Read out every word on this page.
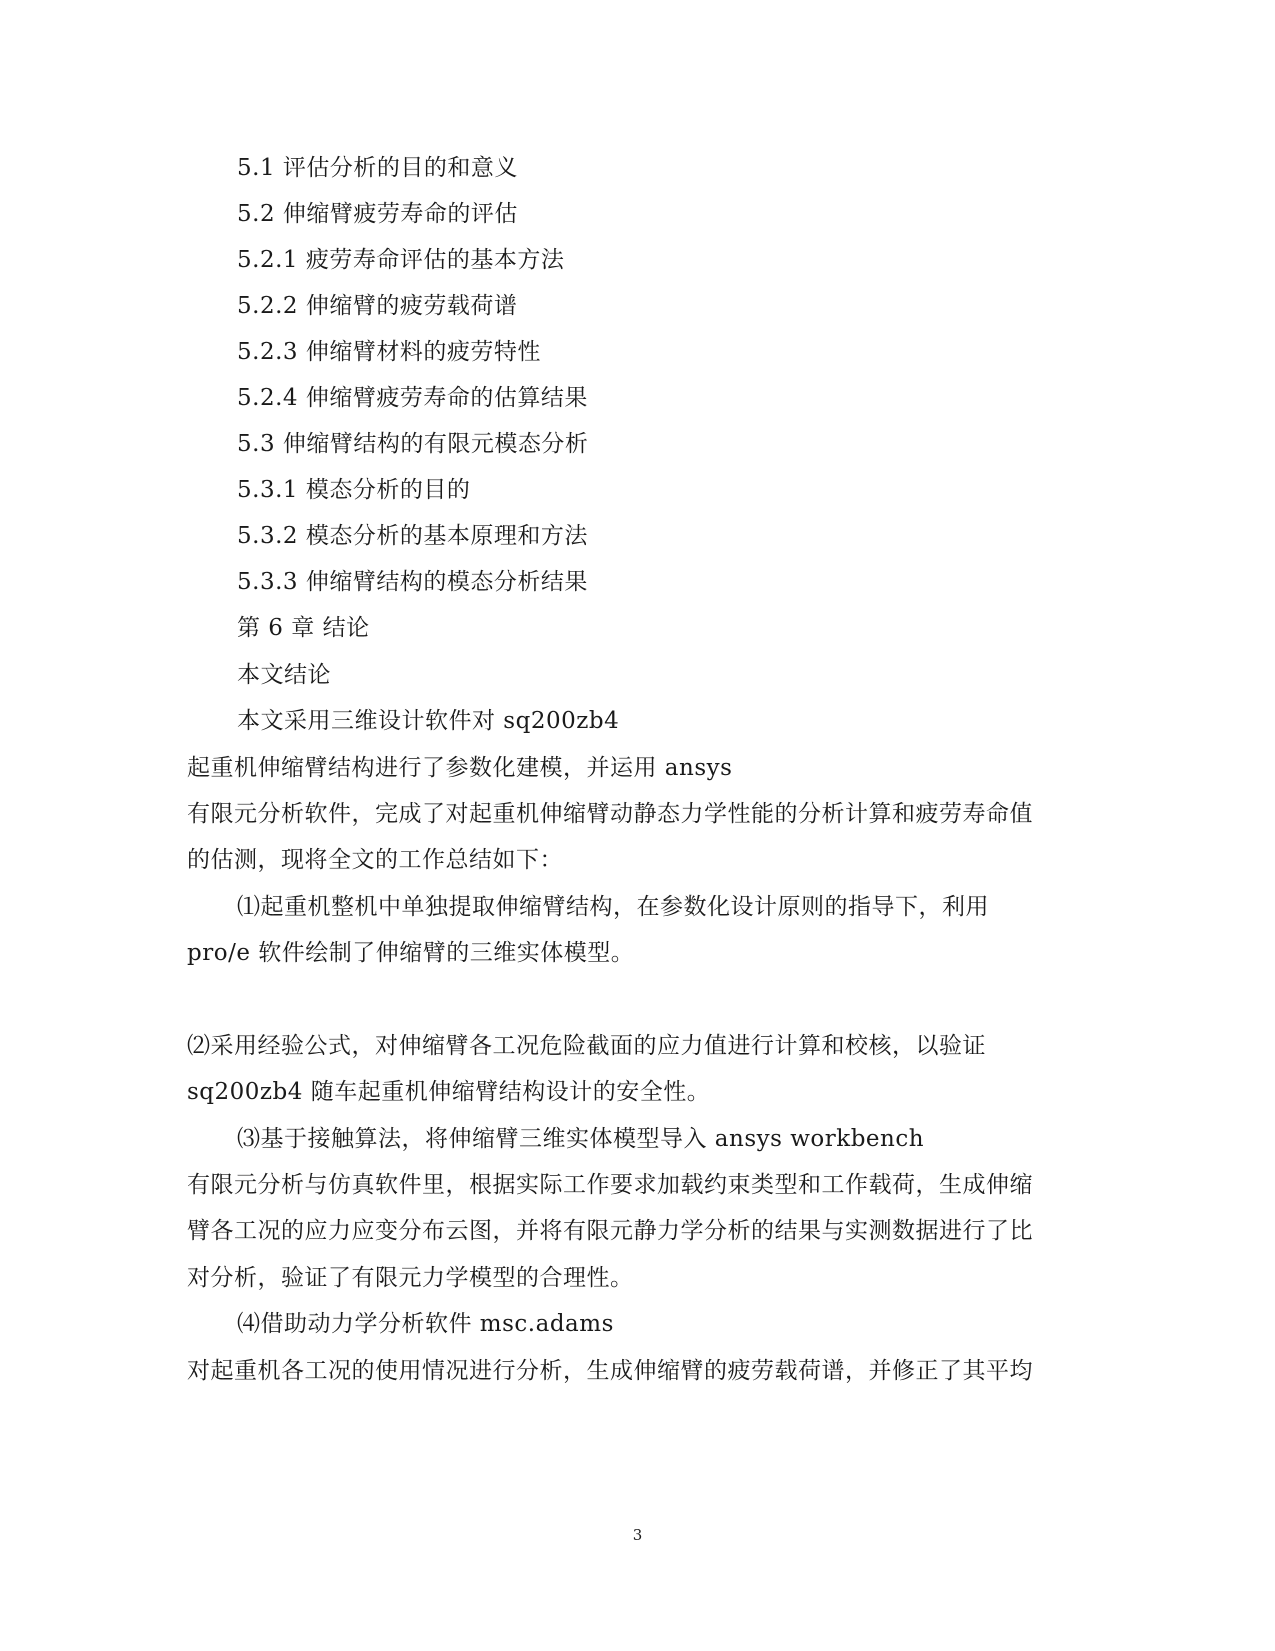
5.1 评估分析的目的和意义
5.2 伸缩臂疲劳寿命的评估
5.2.1 疲劳寿命评估的基本方法
5.2.2 伸缩臂的疲劳载荷谱
5.2.3 伸缩臂材料的疲劳特性
5.2.4 伸缩臂疲劳寿命的估算结果
5.3 伸缩臂结构的有限元模态分析
5.3.1 模态分析的目的
5.3.2 模态分析的基本原理和方法
5.3.3 伸缩臂结构的模态分析结果
第 6 章 结论
本文结论
本文采用三维设计软件对 sq200zb4
起重机伸缩臂结构进行了参数化建模，并运用 ansys
有限元分析软件，完成了对起重机伸缩臂动静态力学性能的分析计算和疲劳寿命值
的估测，现将全文的工作总结如下：
⑴起重机整机中单独提取伸缩臂结构，在参数化设计原则的指导下，利用
pro/e 软件绘制了伸缩臂的三维实体模型。
⑵采用经验公式，对伸缩臂各工况危险截面的应力值进行计算和校核，以验证
sq200zb4 随车起重机伸缩臂结构设计的安全性。
⑶基于接触算法，将伸缩臂三维实体模型导入 ansys workbench
有限元分析与仿真软件里，根据实际工作要求加载约束类型和工作载荷，生成伸缩
臂各工况的应力应变分布云图，并将有限元静力学分析的结果与实测数据进行了比
对分析，验证了有限元力学模型的合理性。
⑷借助动力学分析软件 msc.adams
对起重机各工况的使用情况进行分析，生成伸缩臂的疲劳载荷谱，并修正了其平均
3
